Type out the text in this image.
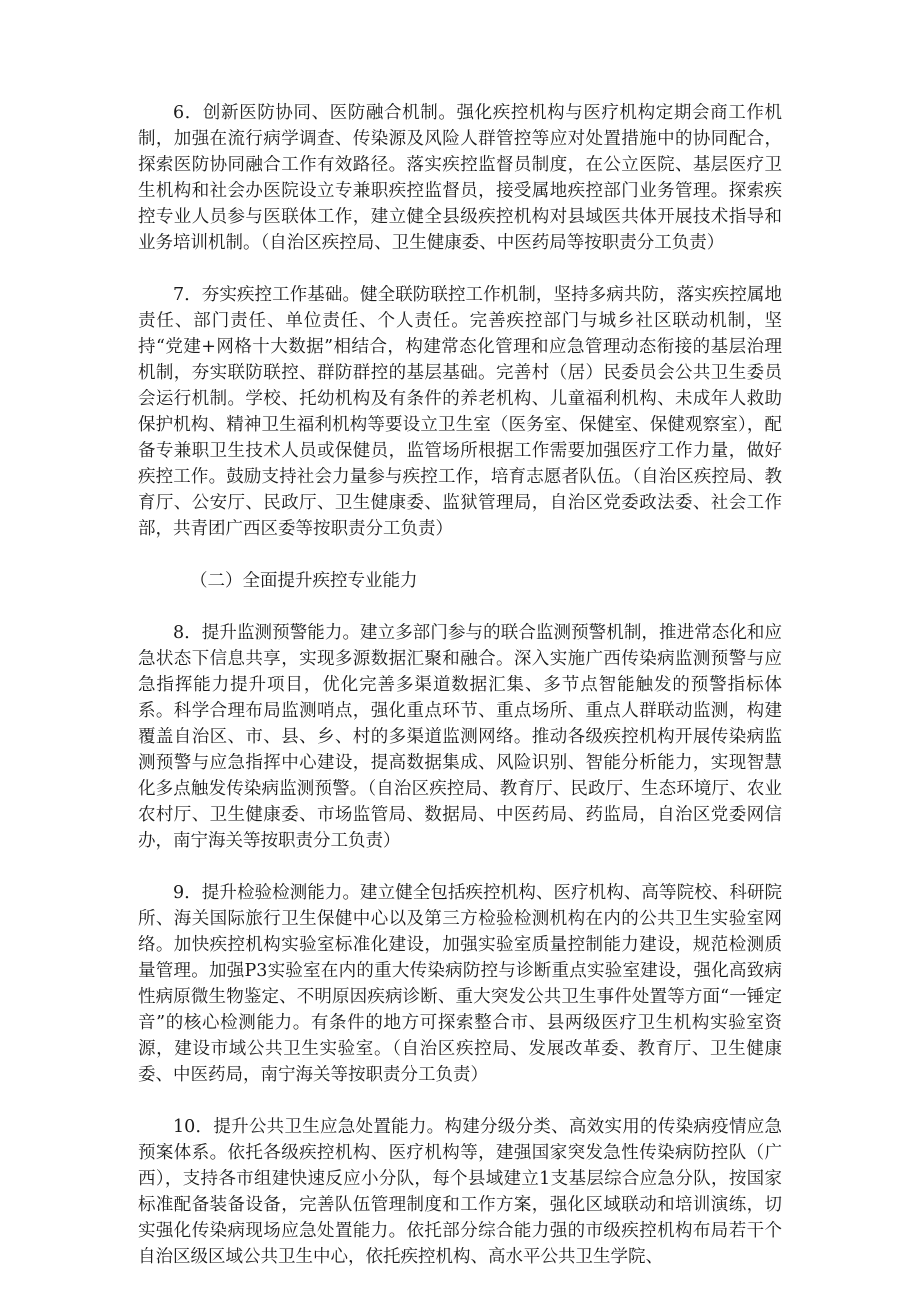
6．创新医防协同、医防融合机制。强化疾控机构与医疗机构定期会商工作机制，加强在流行病学调查、传染源及风险人群管控等应对处置措施中的协同配合，探索医防协同融合工作有效路径。落实疾控监督员制度，在公立医院、基层医疗卫生机构和社会办医院设立专兼职疾控监督员，接受属地疾控部门业务管理。探索疾控专业人员参与医联体工作，建立健全县级疾控机构对县域医共体开展技术指导和业务培训机制。（自治区疾控局、卫生健康委、中医药局等按职责分工负责）

7．夯实疾控工作基础。健全联防联控工作机制，坚持多病共防，落实疾控属地责任、部门责任、单位责任、个人责任。完善疾控部门与城乡社区联动机制，坚持“党建+网格十大数据”相结合，构建常态化管理和应急管理动态衔接的基层治理机制，夯实联防联控、群防群控的基层基础。完善村（居）民委员会公共卫生委员会运行机制。学校、托幼机构及有条件的养老机构、儿童福利机构、未成年人救助保护机构、精神卫生福利机构等要设立卫生室（医务室、保健室、保健观察室），配备专兼职卫生技术人员或保健员，监管场所根据工作需要加强医疗工作力量，做好疾控工作。鼓励支持社会力量参与疾控工作，培育志愿者队伍。（自治区疾控局、教育厅、公安厅、民政厅、卫生健康委、监狱管理局，自治区党委政法委、社会工作部，共青团广西区委等按职责分工负责）

（二）全面提升疾控专业能力

8．提升监测预警能力。建立多部门参与的联合监测预警机制，推进常态化和应急状态下信息共享，实现多源数据汇聚和融合。深入实施广西传染病监测预警与应急指挥能力提升项目，优化完善多渠道数据汇集、多节点智能触发的预警指标体系。科学合理布局监测哨点，强化重点环节、重点场所、重点人群联动监测，构建覆盖自治区、市、县、乡、村的多渠道监测网络。推动各级疾控机构开展传染病监测预警与应急指挥中心建设，提高数据集成、风险识别、智能分析能力，实现智慧化多点触发传染病监测预警。（自治区疾控局、教育厅、民政厅、生态环境厅、农业农村厅、卫生健康委、市场监管局、数据局、中医药局、药监局，自治区党委网信办，南宁海关等按职责分工负责）

9．提升检验检测能力。建立健全包括疾控机构、医疗机构、高等院校、科研院所、海关国际旅行卫生保健中心以及第三方检验检测机构在内的公共卫生实验室网络。加快疾控机构实验室标准化建设，加强实验室质量控制能力建设，规范检测质量管理。加强P3实验室在内的重大传染病防控与诊断重点实验室建设，强化高致病性病原微生物鉴定、不明原因疾病诊断、重大突发公共卫生事件处置等方面“一锤定音”的核心检测能力。有条件的地方可探索整合市、县两级医疗卫生机构实验室资源，建设市域公共卫生实验室。（自治区疾控局、发展改革委、教育厅、卫生健康委、中医药局，南宁海关等按职责分工负责）

10．提升公共卫生应急处置能力。构建分级分类、高效实用的传染病疫情应急预案体系。依托各级疾控机构、医疗机构等，建强国家突发急性传染病防控队（广西），支持各市组建快速反应小分队，每个县域建立1支基层综合应急分队，按国家标准配备装备设备，完善队伍管理制度和工作方案，强化区域联动和培训演练，切实强化传染病现场应急处置能力。依托部分综合能力强的市级疾控机构布局若干个自治区级区域公共卫生中心，依托疾控机构、高水平公共卫生学院、
